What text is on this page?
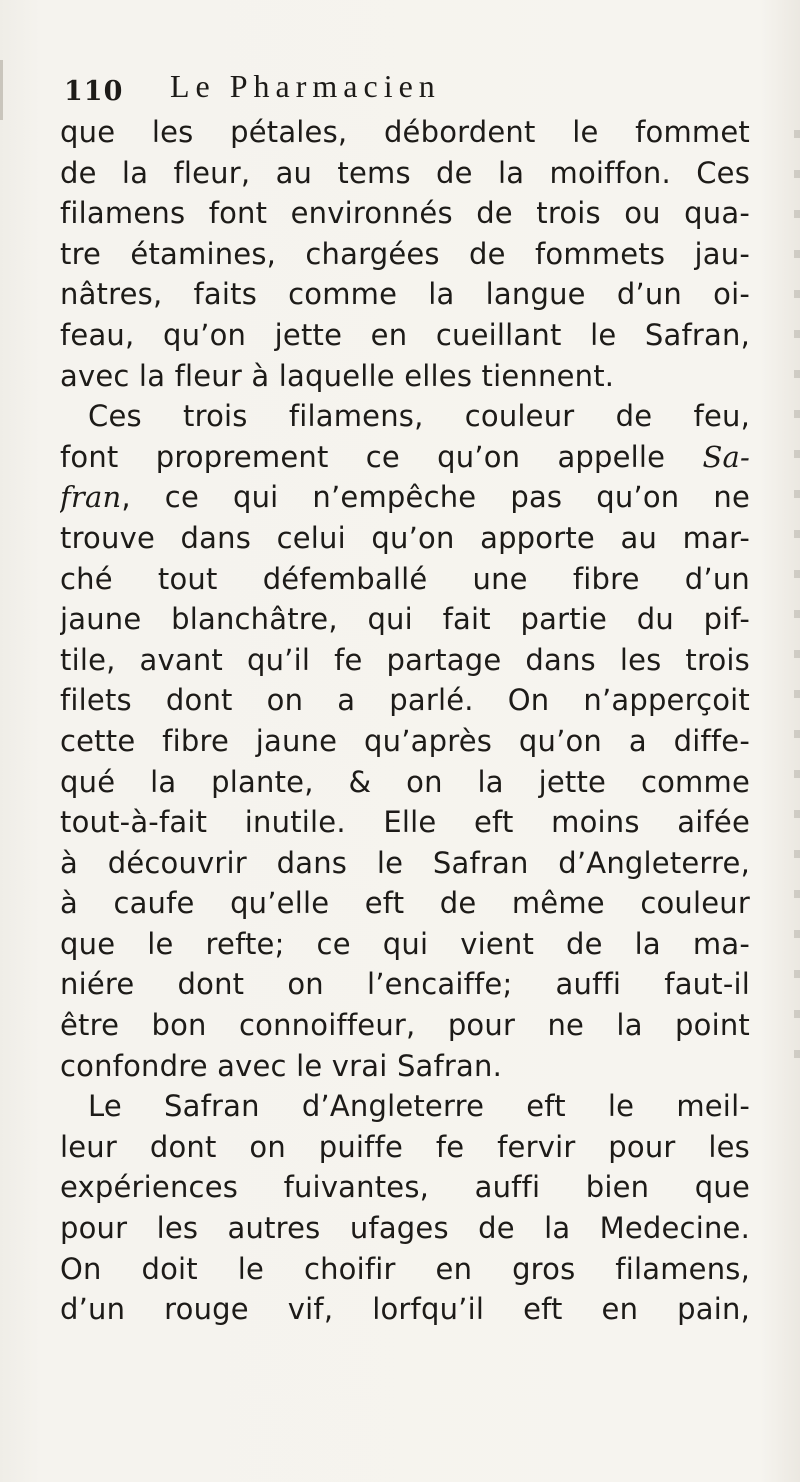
110 Le Pharmacien
que les pétales, débordent le fommet
de la fleur, au tems de la moiffon. Ces
filamens font environnés de trois ou qua-
tre étamines, chargées de fommets jau-
nâtres, faits comme la langue d’un oi-
feau, qu’on jette en cueillant le Safran,
avec la fleur à laquelle elles tiennent.
Ces trois filamens, couleur de feu,
font proprement ce qu’on appelle Sa-
fran, ce qui n’empêche pas qu’on ne
trouve dans celui qu’on apporte au mar-
ché tout défemballé une fibre d’un
jaune blanchâtre, qui fait partie du pif-
tile, avant qu’il fe partage dans les trois
filets dont on a parlé. On n’apperçoit
cette fibre jaune qu’après qu’on a diffe-
qué la plante, & on la jette comme
tout-à-fait inutile. Elle eft moins aifée
à découvrir dans le Safran d’Angleterre,
à caufe qu’elle eft de même couleur
que le refte; ce qui vient de la ma-
niére dont on l’encaiffe; auffi faut-il
être bon connoiffeur, pour ne la point
confondre avec le vrai Safran.
Le Safran d’Angleterre eft le meil-
leur dont on puiffe fe fervir pour les
expériences fuivantes, auffi bien que
pour les autres ufages de la Medecine.
On doit le choifir en gros filamens,
d’un rouge vif, lorfqu’il eft en pain,
